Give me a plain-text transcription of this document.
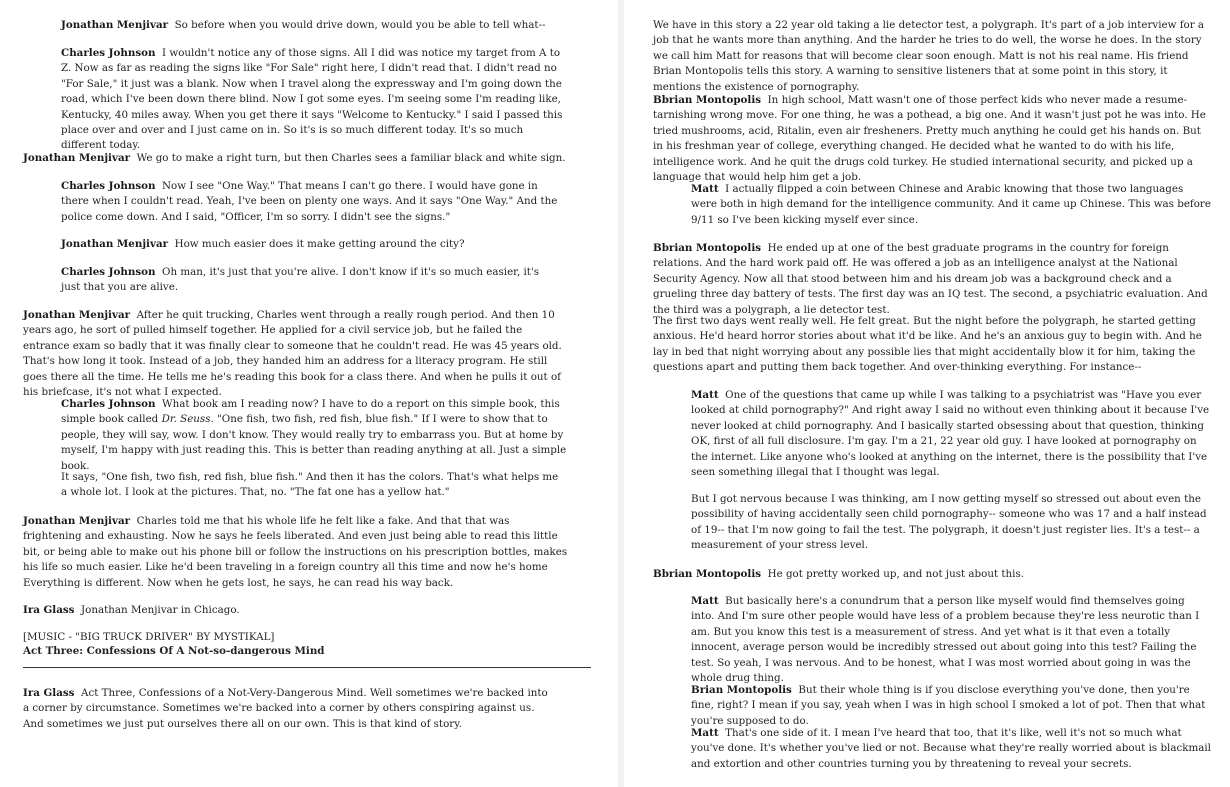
Jonathan Menjivar So before when you would drive down, would you be able to tell what--

Charles Johnson I wouldn't notice any of those signs. All I did was notice my target from A to Z. Now as far as reading the signs like "For Sale" right here, I didn't read that. I didn't read no "For Sale," it just was a blank. Now when I travel along the expressway and I'm going down the road, which I've been down there blind. Now I got some eyes. I'm seeing some I'm reading like, Kentucky, 40 miles away. When you get there it says "Welcome to Kentucky." I said I passed this place over and over and I just came on in. So it's is so much different today. It's so much different today.

Jonathan Menjivar We go to make a right turn, but then Charles sees a familiar black and white sign.

Charles Johnson Now I see "One Way." That means I can't go there. I would have gone in there when I couldn't read. Yeah, I've been on plenty one ways. And it says "One Way." And the police come down. And I said, "Officer, I'm so sorry. I didn't see the signs."

Jonathan Menjivar How much easier does it make getting around the city?

Charles Johnson Oh man, it's just that you're alive. I don't know if it's so much easier, it's just that you are alive.

Jonathan Menjivar After he quit trucking, Charles went through a really rough period. And then 10 years ago, he sort of pulled himself together. He applied for a civil service job, but he failed the entrance exam so badly that it was finally clear to someone that he couldn't read. He was 45 years old. That's how long it took. Instead of a job, they handed him an address for a literacy program. He still goes there all the time. He tells me he's reading this book for a class there. And when he pulls it out of his briefcase, it's not what I expected.

Charles Johnson What book am I reading now? I have to do a report on this simple book, this simple book called Dr. Seuss. "One fish, two fish, red fish, blue fish." If I were to show that to people, they will say, wow. I don't know. They would really try to embarrass you. But at home by myself, I'm happy with just reading this. This is better than reading anything at all. Just a simple book.

It says, "One fish, two fish, red fish, blue fish." And then it has the colors. That's what helps me a whole lot. I look at the pictures. That, no. "The fat one has a yellow hat."

Jonathan Menjivar Charles told me that his whole life he felt like a fake. And that that was frightening and exhausting. Now he says he feels liberated. And even just being able to read this little bit, or being able to make out his phone bill or follow the instructions on his prescription bottles, makes his life so much easier. Like he'd been traveling in a foreign country all this time and now he's home Everything is different. Now when he gets lost, he says, he can read his way back.

Ira Glass Jonathan Menjivar in Chicago.

[MUSIC - "BIG TRUCK DRIVER" BY MYSTIKAL]

Act Three: Confessions Of A Not-so-dangerous Mind

Ira Glass Act Three, Confessions of a Not-Very-Dangerous Mind. Well sometimes we're backed into a corner by circumstance. Sometimes we're backed into a corner by others conspiring against us. And sometimes we just put ourselves there all on our own. This is that kind of story.

We have in this story a 22 year old taking a lie detector test, a polygraph. It's part of a job interview for a job that he wants more than anything. And the harder he tries to do well, the worse he does. In the story we call him Matt for reasons that will become clear soon enough. Matt is not his real name. His friend Brian Montopolis tells this story. A warning to sensitive listeners that at some point in this story, it mentions the existence of pornography.

Bbrian Montopolis In high school, Matt wasn't one of those perfect kids who never made a resume-tarnishing wrong move. For one thing, he was a pothead, a big one. And it wasn't just pot he was into. He tried mushrooms, acid, Ritalin, even air fresheners. Pretty much anything he could get his hands on. But in his freshman year of college, everything changed. He decided what he wanted to do with his life, intelligence work. And he quit the drugs cold turkey. He studied international security, and picked up a language that would help him get a job.

Matt I actually flipped a coin between Chinese and Arabic knowing that those two languages were both in high demand for the intelligence community. And it came up Chinese. This was before 9/11 so I've been kicking myself ever since.

Bbrian Montopolis He ended up at one of the best graduate programs in the country for foreign relations. And the hard work paid off. He was offered a job as an intelligence analyst at the National Security Agency. Now all that stood between him and his dream job was a background check and a grueling three day battery of tests. The first day was an IQ test. The second, a psychiatric evaluation. And the third was a polygraph, a lie detector test.

The first two days went really well. He felt great. But the night before the polygraph, he started getting anxious. He'd heard horror stories about what it'd be like. And he's an anxious guy to begin with. And he lay in bed that night worrying about any possible lies that might accidentally blow it for him, taking the questions apart and putting them back together. And over-thinking everything. For instance--

Matt One of the questions that came up while I was talking to a psychiatrist was "Have you ever looked at child pornography?" And right away I said no without even thinking about it because I've never looked at child pornography. And I basically started obsessing about that question, thinking OK, first of all full disclosure. I'm gay. I'm a 21, 22 year old guy. I have looked at pornography on the internet. Like anyone who's looked at anything on the internet, there is the possibility that I've seen something illegal that I thought was legal.

But I got nervous because I was thinking, am I now getting myself so stressed out about even the possibility of having accidentally seen child pornography-- someone who was 17 and a half instead of 19-- that I'm now going to fail the test. The polygraph, it doesn't just register lies. It's a test-- a measurement of your stress level.

Bbrian Montopolis He got pretty worked up, and not just about this.

Matt But basically here's a conundrum that a person like myself would find themselves going into. And I'm sure other people would have less of a problem because they're less neurotic than I am. But you know this test is a measurement of stress. And yet what is it that even a totally innocent, average person would be incredibly stressed out about going into this test? Failing the test. So yeah, I was nervous. And to be honest, what I was most worried about going in was the whole drug thing.

Brian Montopolis But their whole thing is if you disclose everything you've done, then you're fine, right? I mean if you say, yeah when I was in high school I smoked a lot of pot. Then that what you're supposed to do.

Matt That's one side of it. I mean I've heard that too, that it's like, well it's not so much what you've done. It's whether you've lied or not. Because what they're really worried about is blackmail and extortion and other countries turning you by threatening to reveal your secrets.
